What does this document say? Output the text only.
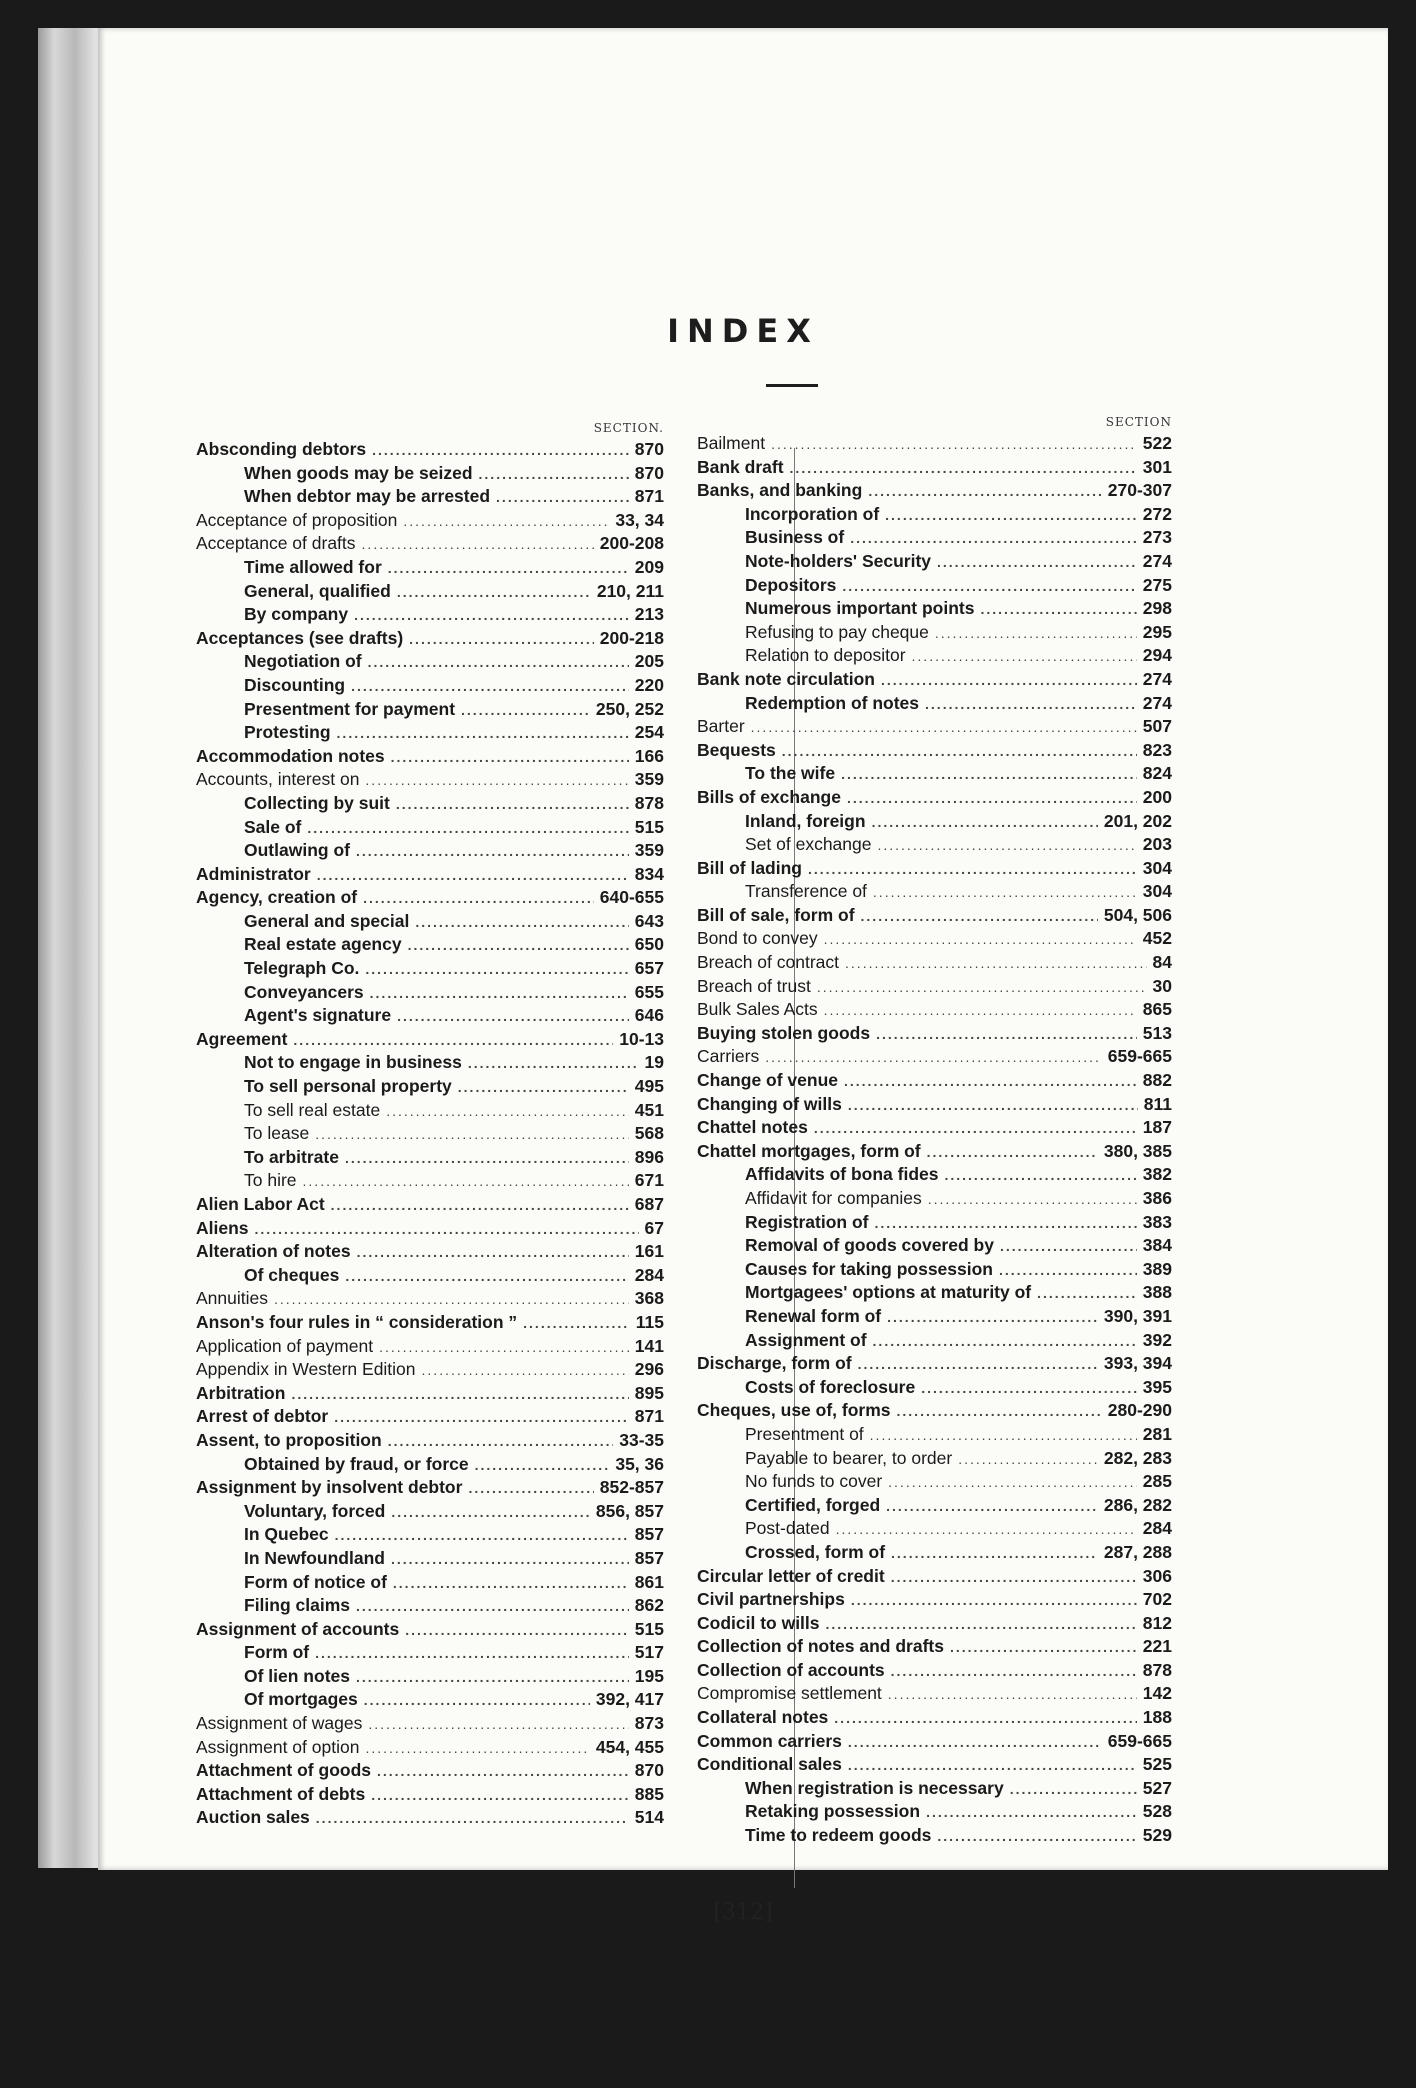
INDEX
[312]
SECTION.
Absconding debtors .....	870
When goods may be seized .....	870
When debtor may be arrested .....	871
Acceptance of proposition .....	33, 34
Acceptance of drafts .....	200-208
Time allowed for .....	209
General, qualified .....	210, 211
By company .....	213
Acceptances (see drafts) .....	200-218
Negotiation of .....	205
Discounting .....	220
Presentment for payment .....	250, 252
Protesting .....	254
Accommodation notes .....	166
Accounts, interest on .....	359
Collecting by suit .....	878
Sale of .....	515
Outlawing of .....	359
Administrator .....	834
Agency, creation of .....	640-655
General and special .....	643
Real estate agency .....	650
Telegraph Co. .....	657
Conveyancers .....	655
Agent's signature .....	646
Agreement .....	10-13
Not to engage in business .....	19
To sell personal property .....	495
To sell real estate .....	451
To lease .....	568
To arbitrate .....	896
To hire .....	671
Alien Labor Act .....	687
Aliens .....	67
Alteration of notes .....	161
Of cheques .....	284
Annuities .....	368
Anson's four rules in “ consideration ” .....	115
Application of payment .....	141
Appendix in Western Edition .....	296
Arbitration .....	895
Arrest of debtor .....	871
Assent, to proposition .....	33-35
Obtained by fraud, or force .....	35, 36
Assignment by insolvent debtor .....	852-857
Voluntary, forced .....	856, 857
In Quebec .....	857
In Newfoundland .....	857
Form of notice of .....	861
Filing claims .....	862
Assignment of accounts .....	515
Form of .....	517
Of lien notes .....	195
Of mortgages .....	392, 417
Assignment of wages .....	873
Assignment of option .....	454, 455
Attachment of goods .....	870
Attachment of debts .....	885
Auction sales .....	514
SECTION
Bailment .....	522
Bank draft .....	301
Banks, and banking .....	270-307
Incorporation of .....	272
Business of .....	273
Note-holders' Security .....	274
Depositors .....	275
Numerous important points .....	298
Refusing to pay cheque .....	295
Relation to depositor .....	294
Bank note circulation .....	274
Redemption of notes .....	274
Barter .....	507
Bequests .....	823
To the wife .....	824
Bills of exchange .....	200
Inland, foreign .....	201, 202
Set of exchange .....	203
Bill of lading .....	304
Transference of .....	304
Bill of sale, form of .....	504, 506
Bond to convey .....	452
Breach of contract .....	84
Breach of trust .....	30
Bulk Sales Acts .....	865
Buying stolen goods .....	513
Carriers .....	659-665
Change of venue .....	882
Changing of wills .....	811
Chattel notes .....	187
Chattel mortgages, form of .....	380, 385
Affidavits of bona fides .....	382
Affidavit for companies .....	386
Registration of .....	383
Removal of goods covered by .....	384
Causes for taking possession .....	389
Mortgagees' options at maturity of .....	388
Renewal form of .....	390, 391
Assignment of .....	392
Discharge, form of .....	393, 394
Costs of foreclosure .....	395
Cheques, use of, forms .....	280-290
Presentment of .....	281
Payable to bearer, to order .....	282, 283
No funds to cover .....	285
Certified, forged .....	286, 282
Post-dated .....	284
Crossed, form of .....	287, 288
Circular letter of credit .....	306
Civil partnerships .....	702
Codicil to wills .....	812
Collection of notes and drafts .....	221
Collection of accounts .....	878
Compromise settlement .....	142
Collateral notes .....	188
Common carriers .....	659-665
Conditional sales .....	525
When registration is necessary .....	527
Retaking possession .....	528
Time to redeem goods .....	529
